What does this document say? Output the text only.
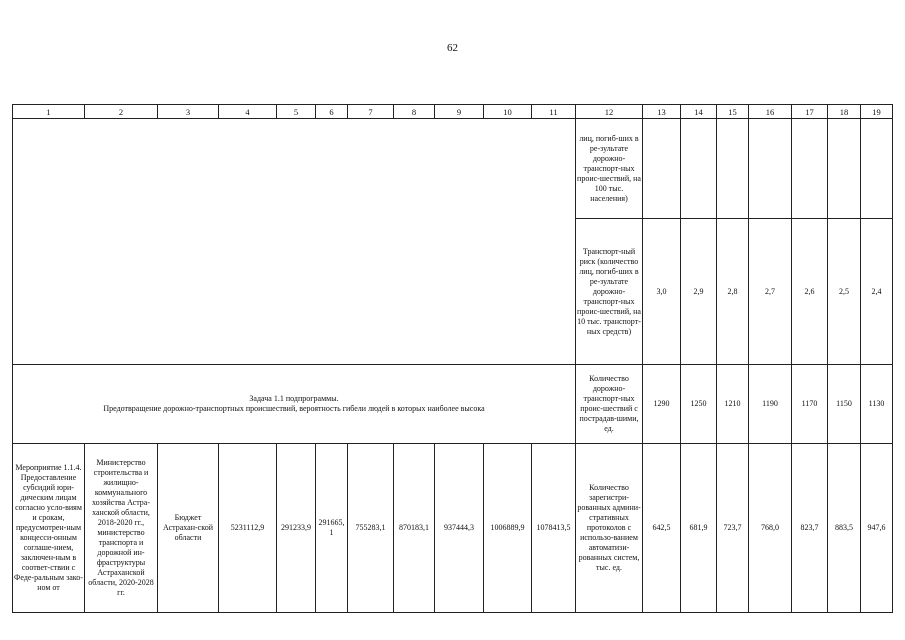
62
1	2	3	4	5	6	7	8	9	10	11	12	13	14	15	16	17	18	19
											лиц, погиб-ших в ре-зультате дорожно-транспорт-ных проис-шествий, на 100 тыс. населения)							
											Транспорт-ный риск (количество лиц, погиб-ших в ре-зультате дорожно-транспорт-ных проис-шествий, на 10 тыс. транспорт-ных средств)	3,0	2,9	2,8	2,7	2,6	2,5	2,4

Задача 1.1 подпрограммы.
Предотвращение дорожно-транспортных происшествий, вероятность гибели людей в которых наиболее высока											Количество дорожно-транспорт-ных проис-шествий с пострадав-шими, ед.	1290	1250	1210	1190	1170	1150	1130
Мероприятие 1.1.4. Предоставление субсидий юри-дическим лицам согласно усло-виям и срокам, предусмотрен-ным концесси-онным соглаше-нием, заключен-ным в соответ-ствии с Феде-ральным зако-ном от	Министерство строительства и жилищно-коммунального хозяйства Астра-ханской области, 2018-2020 гг., министерство транспорта и дорожной ин-фраструктуры Астраханской области, 2020-2028 гг.	Бюджет Астрахан-ской области	5231112,9	291233,9	291665,1	755283,1	870183,1	937444,3	1006889,9	1078413,5	Количество зарегистри-рованных админи-стративных протоколов с использо-ванием автоматизи-рованных систем, тыс. ед.	642,5	681,9	723,7	768,0	823,7	883,5	947,6
